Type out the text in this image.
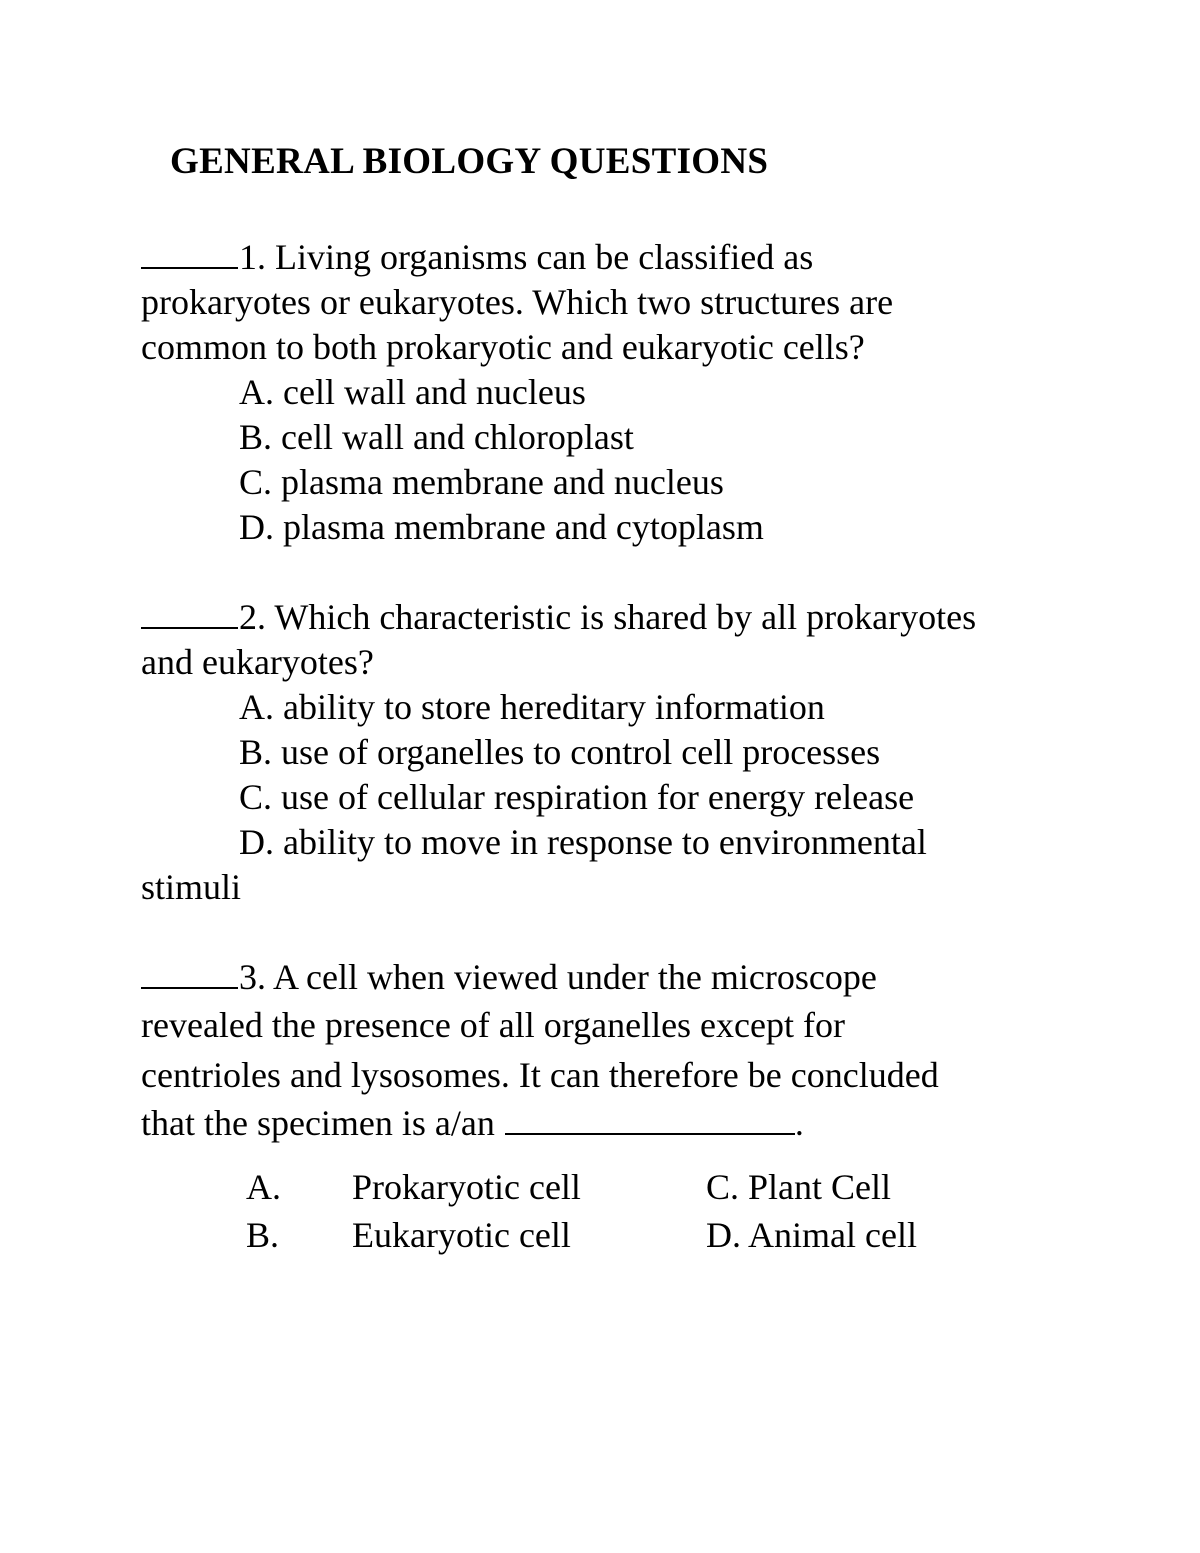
GENERAL BIOLOGY QUESTIONS
1. Living organisms can be classified as
prokaryotes or eukaryotes. Which two structures are
common to both prokaryotic and eukaryotic cells?
A. cell wall and nucleus
B. cell wall and chloroplast
C. plasma membrane and nucleus
D. plasma membrane and cytoplasm
2. Which characteristic is shared by all prokaryotes
and eukaryotes?
A. ability to store hereditary information
B. use of organelles to control cell processes
C. use of cellular respiration for energy release
D. ability to move in response to environmental
stimuli
3. A cell when viewed under the microscope
revealed the presence of all organelles except for
centrioles and lysosomes. It can therefore be concluded
that the specimen is a/an	.
A. Prokaryotic cell	C. Plant Cell
B. Eukaryotic cell	D. Animal cell
